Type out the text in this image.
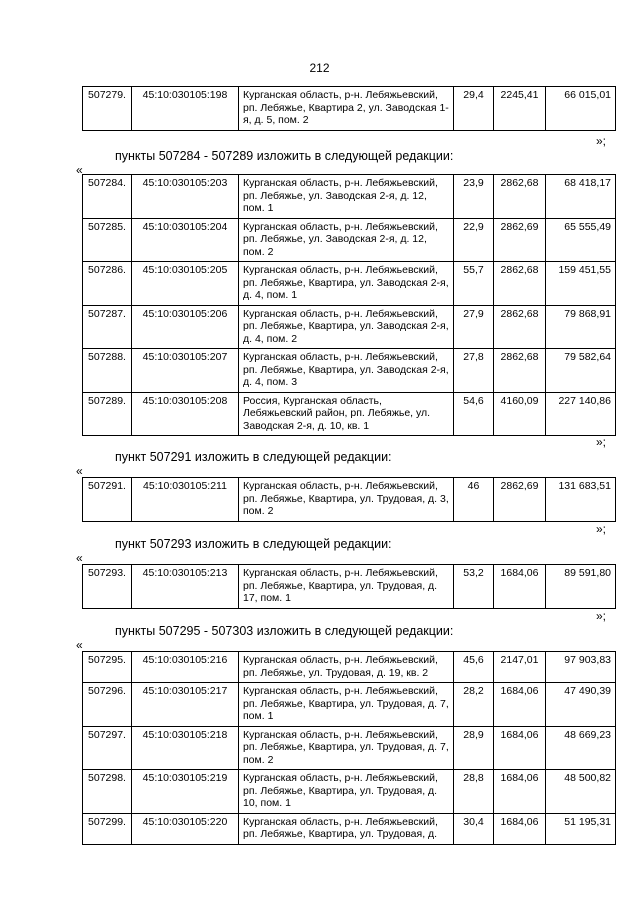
212
507279.	45:10:030105:198	Курганская область, р-н. Лебяжьевский, рп. Лебяжье, Квартира 2, ул. Заводская 1-я, д. 5, пом. 2	29,4	2245,41	66 015,01
»;
пункты 507284 - 507289 изложить в следующей редакции:
«
507284.	45:10:030105:203	Курганская область, р-н. Лебяжьевский, рп. Лебяжье, ул. Заводская 2-я, д. 12, пом. 1	23,9	2862,68	68 418,17
507285.	45:10:030105:204	Курганская область, р-н. Лебяжьевский, рп. Лебяжье, ул. Заводская 2-я, д. 12, пом. 2	22,9	2862,69	65 555,49
507286.	45:10:030105:205	Курганская область, р-н. Лебяжьевский, рп. Лебяжье, Квартира, ул. Заводская 2-я, д. 4, пом. 1	55,7	2862,68	159 451,55
507287.	45:10:030105:206	Курганская область, р-н. Лебяжьевский, рп. Лебяжье, Квартира, ул. Заводская 2-я, д. 4, пом. 2	27,9	2862,68	79 868,91
507288.	45:10:030105:207	Курганская область, р-н. Лебяжьевский, рп. Лебяжье, Квартира, ул. Заводская 2-я, д. 4, пом. 3	27,8	2862,68	79 582,64
507289.	45:10:030105:208	Россия, Курганская область, Лебяжьевский район, рп. Лебяжье, ул. Заводская 2-я, д. 10, кв. 1	54,6	4160,09	227 140,86
»;
пункт 507291 изложить в следующей редакции:
«
507291.	45:10:030105:211	Курганская область, р-н. Лебяжьевский, рп. Лебяжье, Квартира, ул. Трудовая, д. 3, пом. 2	46	2862,69	131 683,51
»;
пункт 507293 изложить в следующей редакции:
«
507293.	45:10:030105:213	Курганская область, р-н. Лебяжьевский, рп. Лебяжье, Квартира, ул. Трудовая, д. 17, пом. 1	53,2	1684,06	89 591,80
»;
пункты 507295 - 507303 изложить в следующей редакции:
«
507295.	45:10:030105:216	Курганская область, р-н. Лебяжьевский, рп. Лебяжье, ул. Трудовая, д. 19, кв. 2	45,6	2147,01	97 903,83
507296.	45:10:030105:217	Курганская область, р-н. Лебяжьевский, рп. Лебяжье, Квартира, ул. Трудовая, д. 7, пом. 1	28,2	1684,06	47 490,39
507297.	45:10:030105:218	Курганская область, р-н. Лебяжьевский, рп. Лебяжье, Квартира, ул. Трудовая, д. 7, пом. 2	28,9	1684,06	48 669,23
507298.	45:10:030105:219	Курганская область, р-н. Лебяжьевский, рп. Лебяжье, Квартира, ул. Трудовая, д. 10, пом. 1	28,8	1684,06	48 500,82
507299.	45:10:030105:220	Курганская область, р-н. Лебяжьевский, рп. Лебяжье, Квартира, ул. Трудовая, д.	30,4	1684,06	51 195,31
